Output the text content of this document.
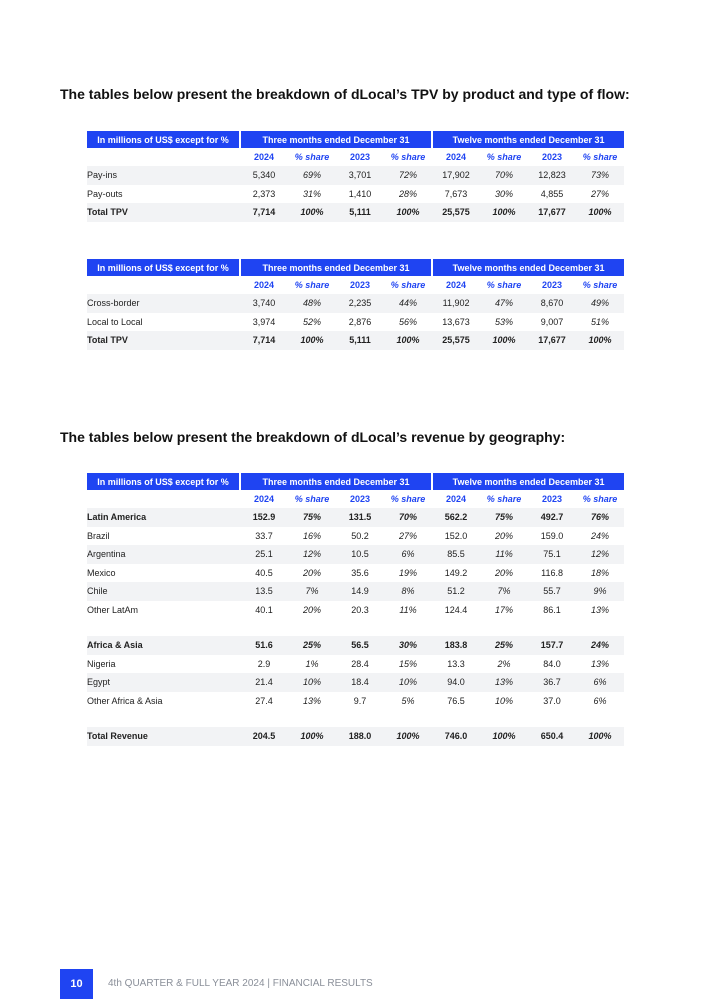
The tables below present the breakdown of dLocal’s TPV by product and type of flow:
In millions of US$ except for %	Three months ended December 31				Twelve months ended December 31			
	2024	% share	2023	% share	2024	% share	2023	% share
Pay-ins	5,340	69%	3,701	72%	17,902	70%	12,823	73%
Pay-outs	2,373	31%	1,410	28%	7,673	30%	4,855	27%
Total TPV	7,714	100%	5,111	100%	25,575	100%	17,677	100%
In millions of US$ except for %	Three months ended December 31				Twelve months ended December 31			
	2024	% share	2023	% share	2024	% share	2023	% share
Cross-border	3,740	48%	2,235	44%	11,902	47%	8,670	49%
Local to Local	3,974	52%	2,876	56%	13,673	53%	9,007	51%
Total TPV	7,714	100%	5,111	100%	25,575	100%	17,677	100%
The tables below present the breakdown of dLocal’s revenue by geography:
In millions of US$ except for %	Three months ended December 31				Twelve months ended December 31			
	2024	% share	2023	% share	2024	% share	2023	% share
Latin America	152.9	75%	131.5	70%	562.2	75%	492.7	76%
Brazil	33.7	16%	50.2	27%	152.0	20%	159.0	24%
Argentina	25.1	12%	10.5	6%	85.5	11%	75.1	12%
Mexico	40.5	20%	35.6	19%	149.2	20%	116.8	18%
Chile	13.5	7%	14.9	8%	51.2	7%	55.7	9%
Other LatAm	40.1	20%	20.3	11%	124.4	17%	86.1	13%

Africa & Asia	51.6	25%	56.5	30%	183.8	25%	157.7	24%
Nigeria	2.9	1%	28.4	15%	13.3	2%	84.0	13%
Egypt	21.4	10%	18.4	10%	94.0	13%	36.7	6%
Other Africa & Asia	27.4	13%	9.7	5%	76.5	10%	37.0	6%

Total Revenue	204.5	100%	188.0	100%	746.0	100%	650.4	100%
10	4th QUARTER & FULL YEAR 2024 | FINANCIAL RESULTS
